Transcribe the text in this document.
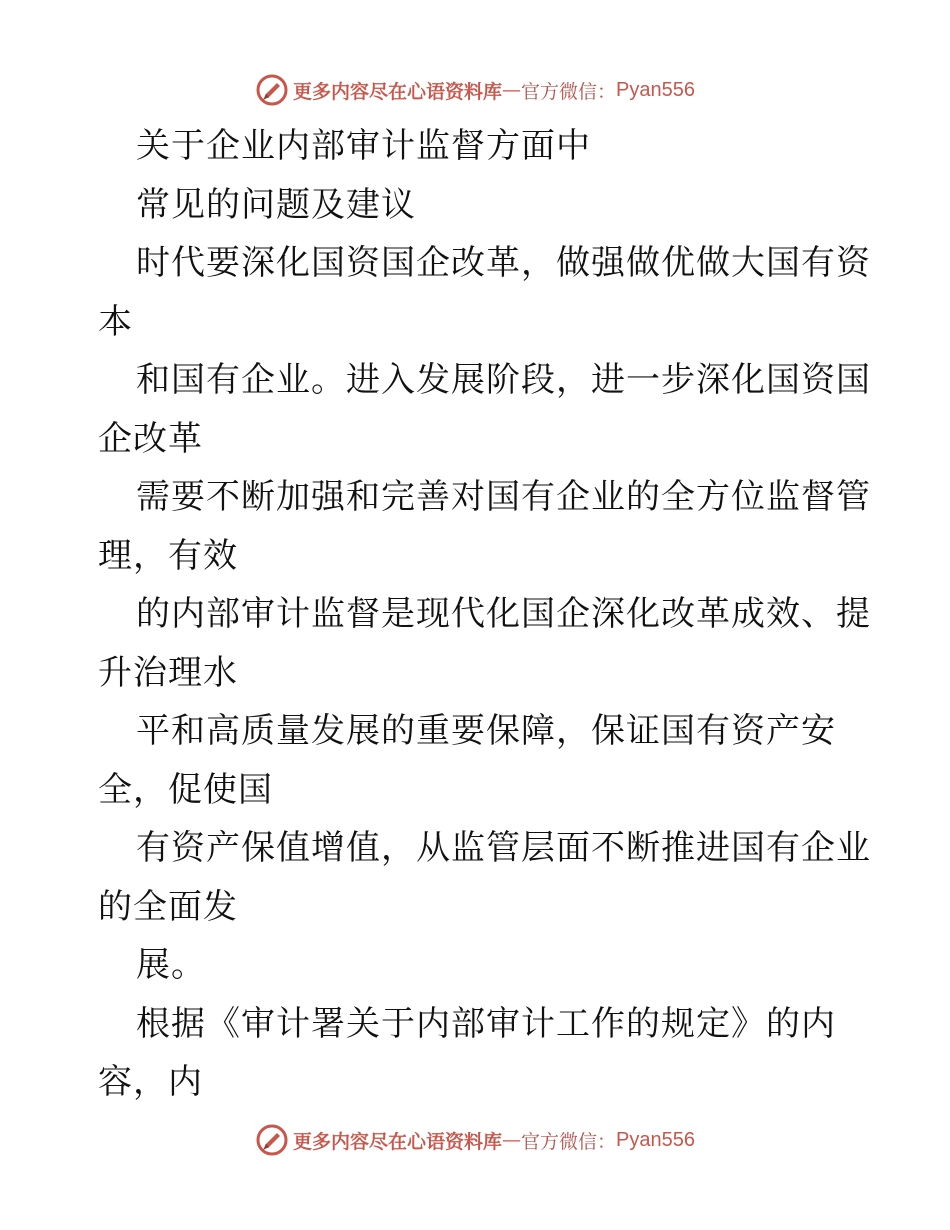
更多内容尽在心语资料库 — 官方微信： Pyan556
关于企业内部审计监督方面中
常见的问题及建议
时代要深化国资国企改革，做强做优做大国有资
本
和国有企业。进入发展阶段，进一步深化国资国
企改革
需要不断加强和完善对国有企业的全方位监督管
理，有效
的内部审计监督是现代化国企深化改革成效、提
升治理水
平和高质量发展的重要保障，保证国有资产安
全，促使国
有资产保值增值，从监管层面不断推进国有企业
的全面发
展。
根据《审计署关于内部审计工作的规定》的内
容，内
更多内容尽在心语资料库 — 官方微信： Pyan556
